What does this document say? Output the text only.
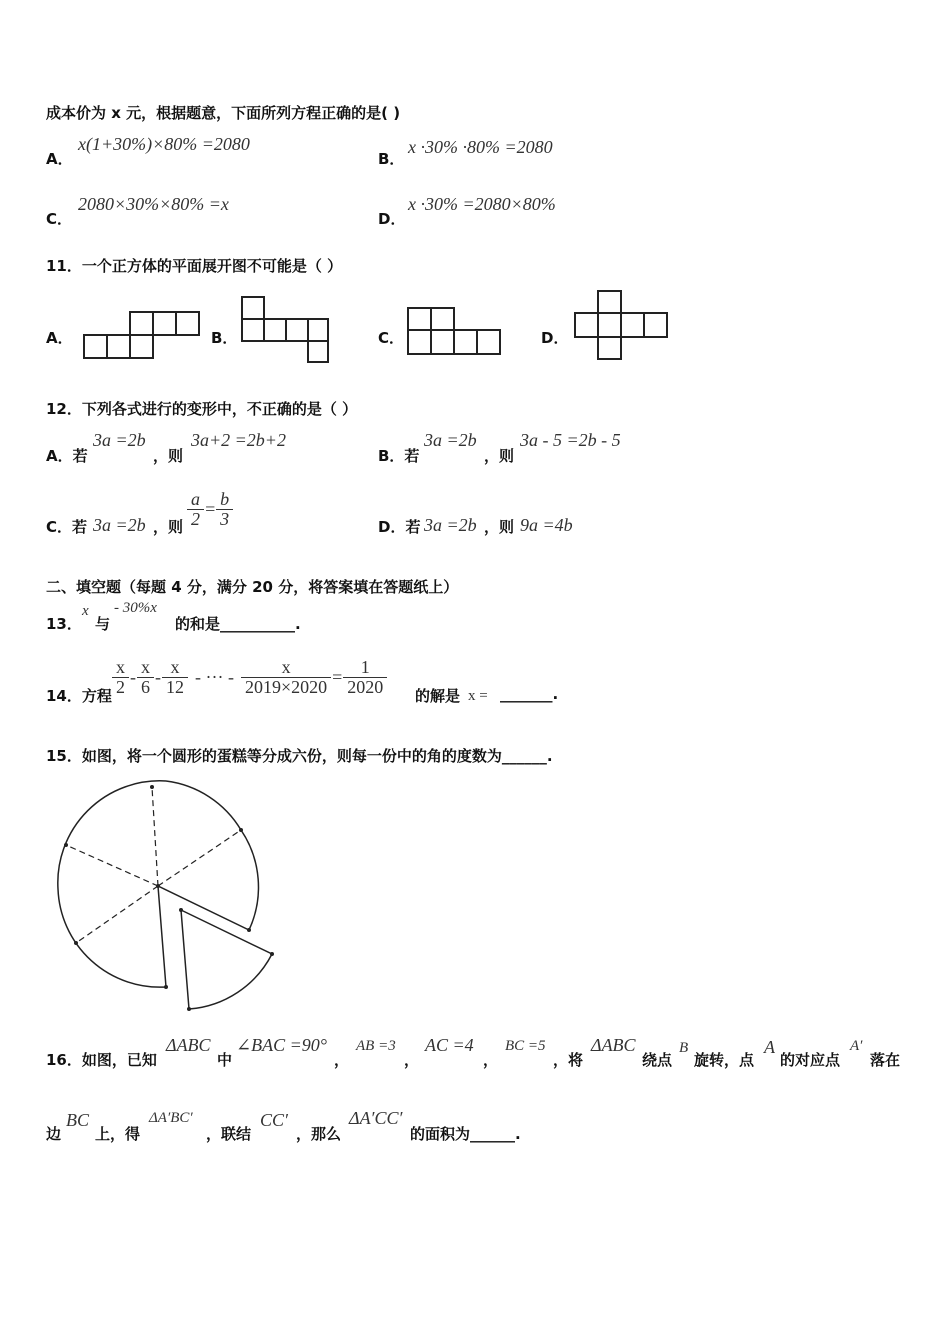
成本价为 x 元，根据题意，下面所列方程正确的是( )
A．
x(1+30%)×80% =2080
B．
x ·30% ·80% =2080
C．
2080×30%×80% =x
D．
x ·30% =2080×80%
11．一个正方体的平面展开图不可能是（ ）
A．	B．	C．	D．
12．下列各式进行的变形中，不正确的是（ ）
A．若
3a =2b
，则
3a+2 =2b+2
B．若
3a =2b
，则
3a - 5 =2b - 5
C．若 3a =2b ，则 $\frac{a}{2} = \frac{b}{3}$	D．若 3a =2b ，则 9a =4b
二、填空题（每题 4 分，满分 20 分，将答案填在答题纸上）
13．
x
与
- 30%x
的和是__________.
14．方程 $\frac{x}{2} - \frac{x}{6} - \frac{x}{12}$ - ··· - $\frac{x}{2019\times 2020} = \frac{1}{2020}$ 的解是 x = _______.
15．如图，将一个圆形的蛋糕等分成六份，则每一份中的角的度数为______.
16．如图，已知
ΔABC
中
∠BAC =90°
，
AB =3
，
AC =4
，
BC =5
，将
ΔABC
绕点
B
旋转，点
A
的对应点
A′
落在
边
BC
上，得
ΔA′BC′
，联结
CC′
，那么
ΔA′CC′
的面积为______.
